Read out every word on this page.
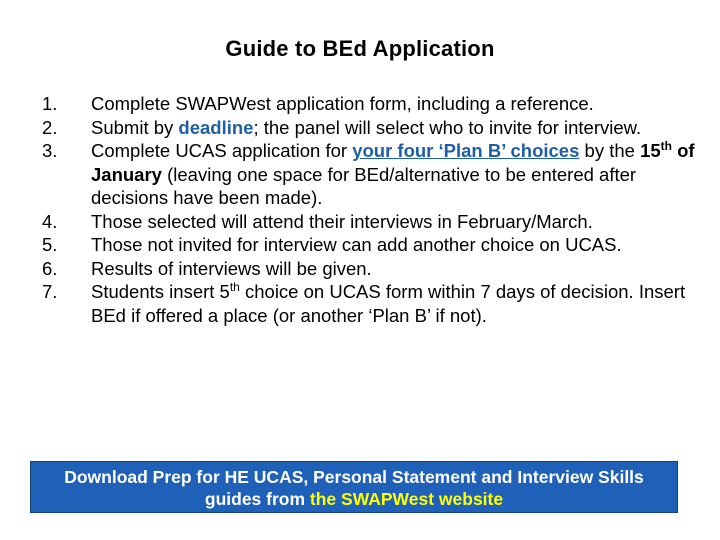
Guide to BEd Application
1. Complete SWAPWest application form, including a reference.
2. Submit by deadline; the panel will select who to invite for interview.
3. Complete UCAS application for your four ‘Plan B’ choices by the 15th of January (leaving one space for BEd/alternative to be entered after decisions have been made).
4. Those selected will attend their interviews in February/March.
5. Those not invited for interview can add another choice on UCAS.
6. Results of interviews will be given.
7. Students insert 5th choice on UCAS form within 7 days of decision. Insert BEd if offered a place (or another ‘Plan B’ if not).
Download Prep for HE UCAS, Personal Statement and Interview Skills
guides from the SWAPWest website
